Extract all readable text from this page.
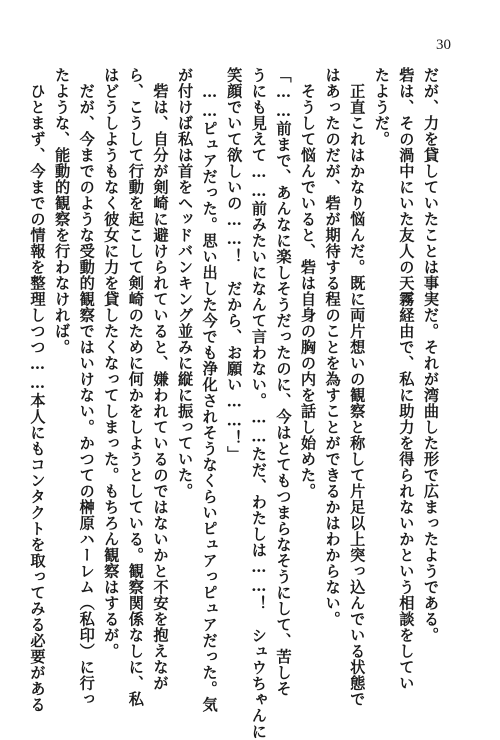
30
だが、力を貸していたことは事実だ。それが湾曲した形で広まったようである。
砦は、その渦中にいた友人の天霧経由で、私に助力を得られないかという相談をしてい
たようだ。
　正直これはかなり悩んだ。既に両片想いの観察と称して片足以上突っ込んでいる状態で
はあったのだが、砦が期待する程のことを為すことができるかはわからない。
　そうして悩んでいると、砦は自身の胸の内を話し始めた。
「……前まで、あんなに楽しそうだったのに、今はとてもつまらなそうにして、苦しそ
うにも見えて……前みたいになんて言わない。……ただ、わたしは……！　シュウちゃんに
笑顔でいて欲しいの……！　だから、お願い……！」
　……ピュアだった。思い出した今でも浄化されそうなくらいピュアっピュアだった。気
が付けば私は首をヘッドバンキング並みに縦に振っていた。
　砦は、自分が剣崎に避けられていると、嫌われているのではないかと不安を抱えなが
ら、こうして行動を起こして剣崎のために何かをしようとしている。観察関係なしに、私
はどうしようもなく彼女に力を貸したくなってしまった。もちろん観察はするが。
　だが、今までのような受動的観察ではいけない。かつての榊原ハーレム（私印）に行っ
たような、能動的観察を行わなければ。
　ひとまず、今までの情報を整理しつつ……本人にもコンタクトを取ってみる必要がある
